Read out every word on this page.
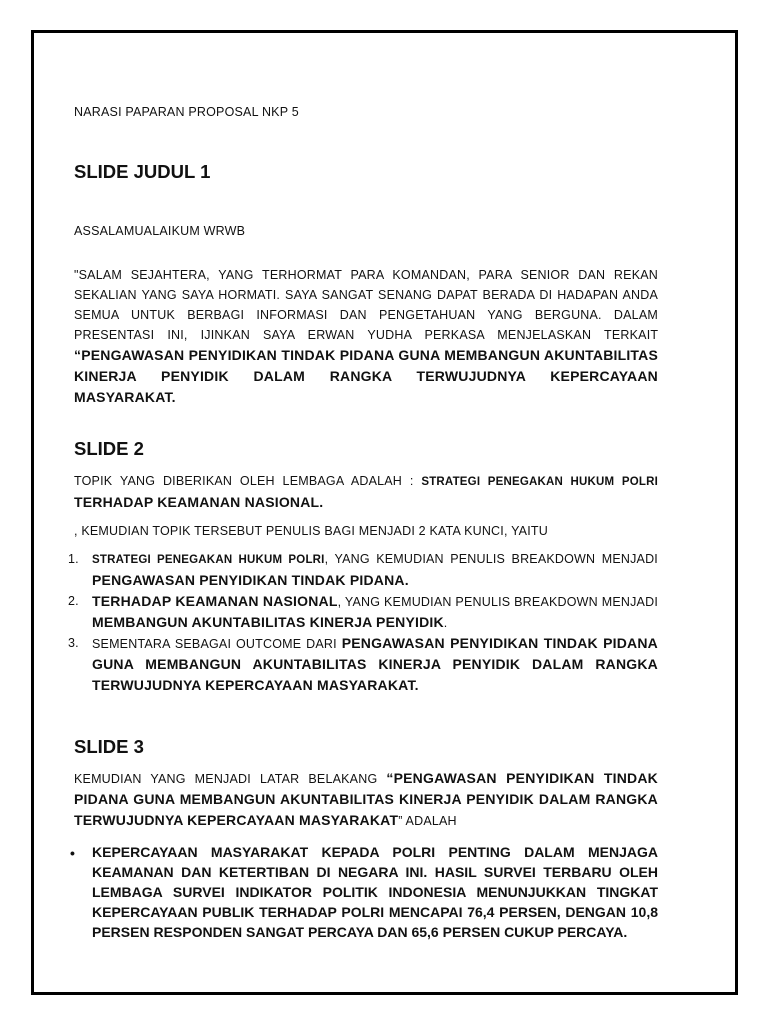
NARASI PAPARAN PROPOSAL NKP 5

SLIDE JUDUL 1

ASSALAMUALAIKUM WRWB

"SALAM SEJAHTERA, YANG TERHORMAT PARA KOMANDAN, PARA SENIOR DAN REKAN SEKALIAN YANG SAYA HORMATI. SAYA SANGAT SENANG DAPAT BERADA DI HADAPAN ANDA SEMUA UNTUK BERBAGI INFORMASI DAN PENGETAHUAN YANG BERGUNA. DALAM PRESENTASI INI, IJINKAN SAYA ERWAN YUDHA PERKASA MENJELASKAN TERKAIT “PENGAWASAN PENYIDIKAN TINDAK PIDANA GUNA MEMBANGUN AKUNTABILITAS KINERJA PENYIDIK DALAM RANGKA TERWUJUDNYA KEPERCAYAAN MASYARAKAT.

SLIDE 2

TOPIK YANG DIBERIKAN OLEH LEMBAGA ADALAH : STRATEGI PENEGAKAN HUKUM POLRI TERHADAP KEAMANAN NASIONAL.

, KEMUDIAN TOPIK TERSEBUT PENULIS BAGI MENJADI 2 KATA KUNCI, YAITU

1. STRATEGI PENEGAKAN HUKUM POLRI, YANG KEMUDIAN PENULIS BREAKDOWN MENJADI PENGAWASAN PENYIDIKAN TINDAK PIDANA.
2. TERHADAP KEAMANAN NASIONAL, YANG KEMUDIAN PENULIS BREAKDOWN MENJADI MEMBANGUN AKUNTABILITAS KINERJA PENYIDIK.
3. SEMENTARA SEBAGAI OUTCOME DARI PENGAWASAN PENYIDIKAN TINDAK PIDANA GUNA MEMBANGUN AKUNTABILITAS KINERJA PENYIDIK DALAM RANGKA TERWUJUDNYA KEPERCAYAAN MASYARAKAT.
SLIDE 3

KEMUDIAN YANG MENJADI LATAR BELAKANG “PENGAWASAN PENYIDIKAN TINDAK PIDANA GUNA MEMBANGUN AKUNTABILITAS KINERJA PENYIDIK DALAM RANGKA TERWUJUDNYA KEPERCAYAAN MASYARAKAT” ADALAH

• KEPERCAYAAN MASYARAKAT KEPADA POLRI PENTING DALAM MENJAGA KEAMANAN DAN KETERTIBAN DI NEGARA INI. HASIL SURVEI TERBARU OLEH LEMBAGA SURVEI INDIKATOR POLITIK INDONESIA MENUNJUKKAN TINGKAT KEPERCAYAAN PUBLIK TERHADAP POLRI MENCAPAI 76,4 PERSEN, DENGAN 10,8 PERSEN RESPONDEN SANGAT PERCAYA DAN 65,6 PERSEN CUKUP PERCAYA.
